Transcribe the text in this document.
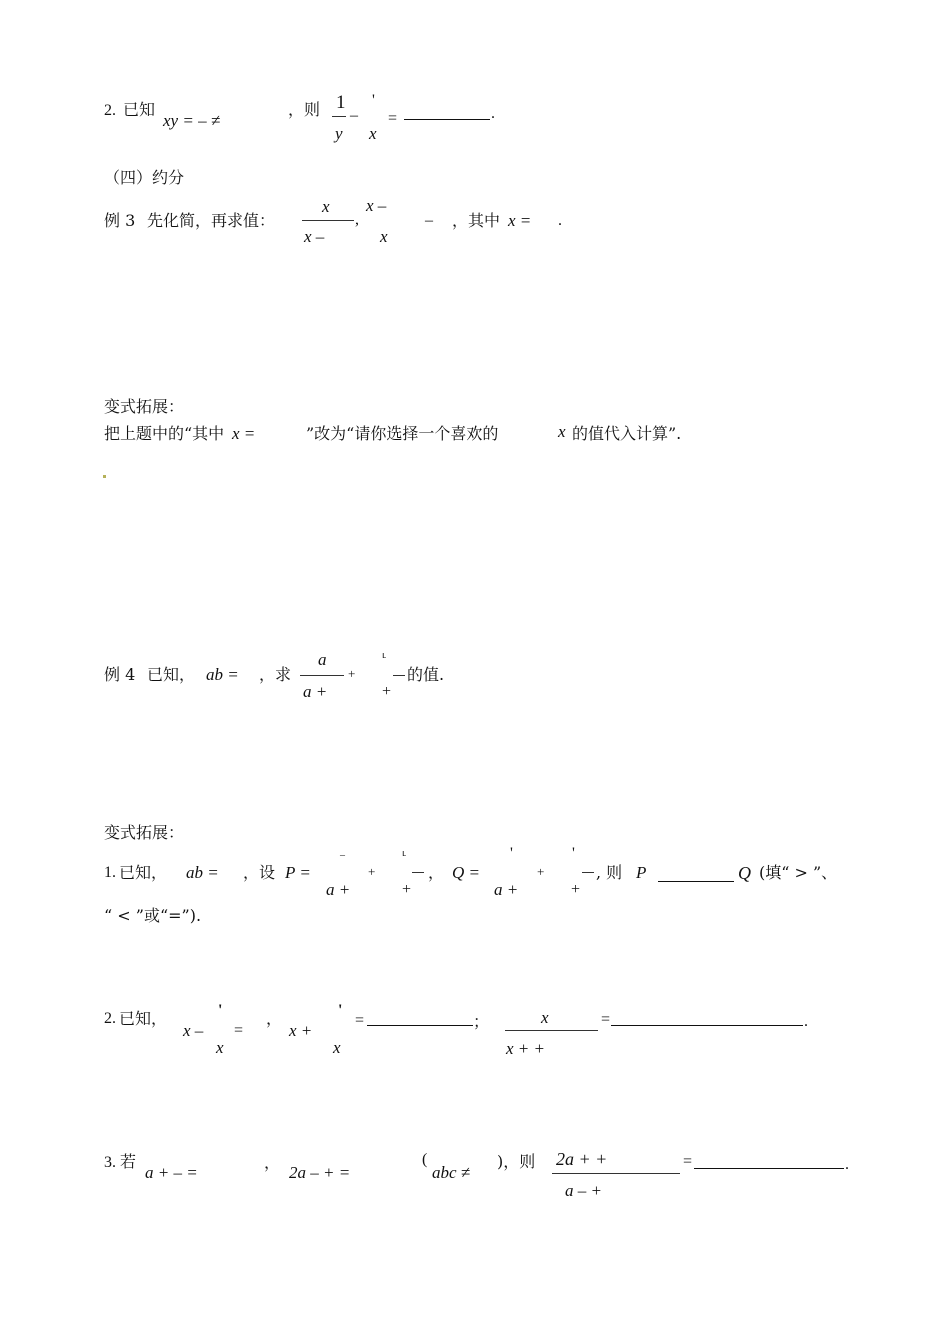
2. 已知
xy = – ≠
，则 1
y
–
'
x
=	.
（四）约分
例 3 先化简，再求值：
x
x –
,
x –
x
– ，其中 x = .
变式拓展：
把上题中的“其中 x =	”改为“请你选择一个喜欢的	x 的值代入计算”.
例 4 已知， ab = ，求
a
a +
+
ᒻ
+
的值.
变式拓展：
1. 已知， ab = ，设 P =
–
a +
+
ᒻ
+
， Q =
'
a +
+
'
+
, 则 P	Q (填“ > ”、
“ < ”或“=”).
2. 已知，
x –
'
x
=
，
x +
'
x
=	；	x
x + +
=	.
3. 若
a + – =
，
2a – + =
(
abc ≠
)，则 2a + +
a – +
=	.
